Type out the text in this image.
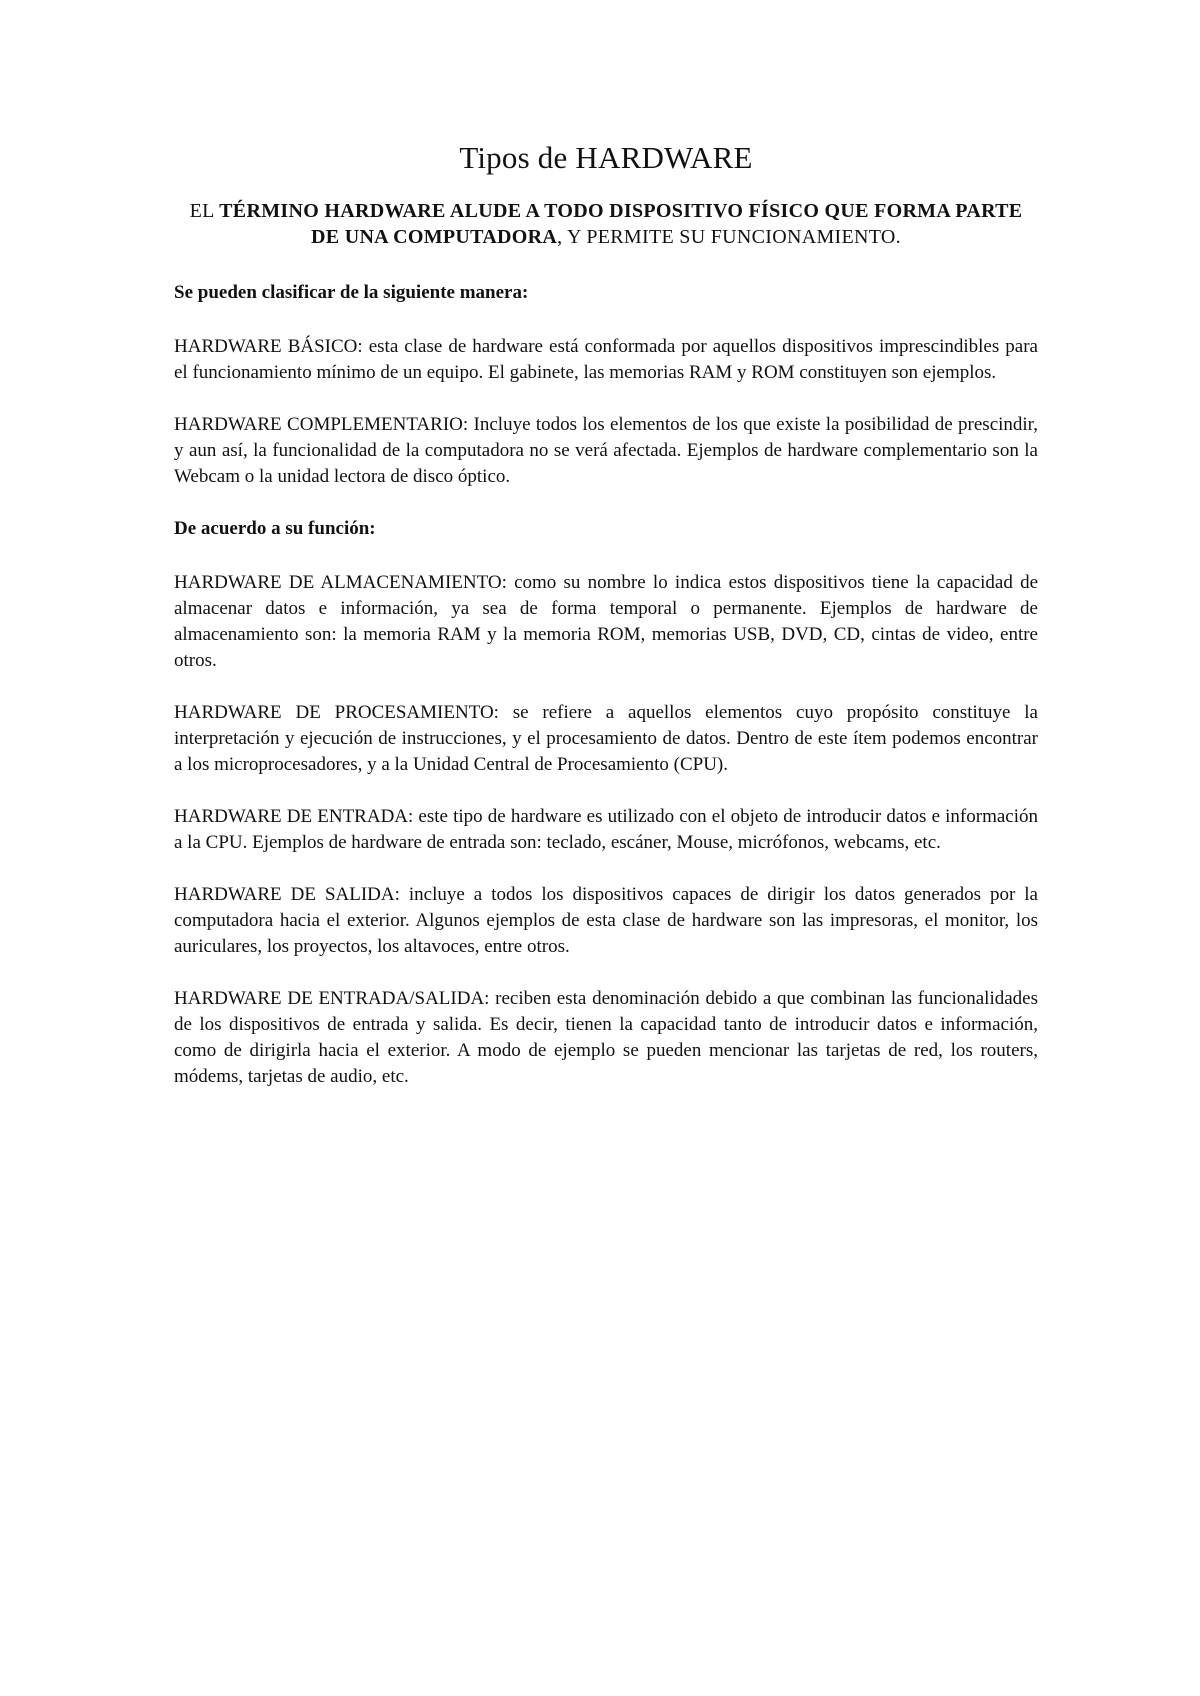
Tipos de HARDWARE

EL TÉRMINO HARDWARE ALUDE A TODO DISPOSITIVO FÍSICO QUE FORMA PARTE DE UNA COMPUTADORA, Y PERMITE SU FUNCIONAMIENTO.

Se pueden clasificar de la siguiente manera:

HARDWARE BÁSICO: esta clase de hardware está conformada por aquellos dispositivos imprescindibles para el funcionamiento mínimo de un equipo. El gabinete, las memorias RAM y ROM constituyen son ejemplos.

HARDWARE COMPLEMENTARIO: Incluye todos los elementos de los que existe la posibilidad de prescindir, y aun así, la funcionalidad de la computadora no se verá afectada. Ejemplos de hardware complementario son la Webcam o la unidad lectora de disco óptico.

De acuerdo a su función:

HARDWARE DE ALMACENAMIENTO: como su nombre lo indica estos dispositivos tiene la capacidad de almacenar datos e información, ya sea de forma temporal o permanente. Ejemplos de hardware de almacenamiento son: la memoria RAM y la memoria ROM, memorias USB, DVD, CD, cintas de video, entre otros.

HARDWARE DE PROCESAMIENTO: se refiere a aquellos elementos cuyo propósito constituye la interpretación y ejecución de instrucciones, y el procesamiento de datos. Dentro de este ítem podemos encontrar a los microprocesadores, y a la Unidad Central de Procesamiento (CPU).

HARDWARE DE ENTRADA: este tipo de hardware es utilizado con el objeto de introducir datos e información a la CPU. Ejemplos de hardware de entrada son: teclado, escáner, Mouse, micrófonos, webcams, etc.

HARDWARE DE SALIDA: incluye a todos los dispositivos capaces de dirigir los datos generados por la computadora hacia el exterior. Algunos ejemplos de esta clase de hardware son las impresoras, el monitor, los auriculares, los proyectos, los altavoces, entre otros.

HARDWARE DE ENTRADA/SALIDA: reciben esta denominación debido a que combinan las funcionalidades de los dispositivos de entrada y salida. Es decir, tienen la capacidad tanto de introducir datos e información, como de dirigirla hacia el exterior. A modo de ejemplo se pueden mencionar las tarjetas de red, los routers, módems, tarjetas de audio, etc.
